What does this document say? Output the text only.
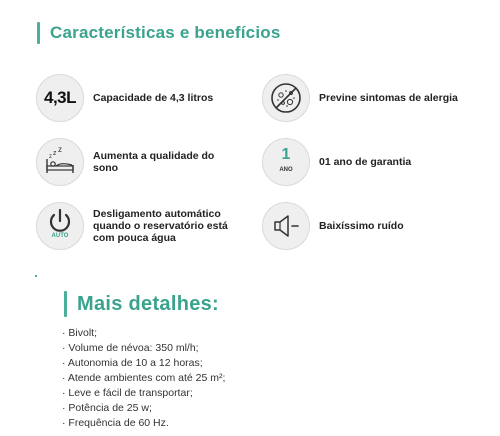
Características e benefícios
4,3L Capacidade de 4,3 litros	Previne sintomas de alergia
z z z
Aumenta a qualidade do sono
1
ANO
01 ano de garantia
AUTO
Desligamento automático quando o reservatório está com pouca água
Baixíssimo ruído
Mais detalhes:
· Bivolt;
· Volume de névoa: 350 ml/h;
· Autonomia de 10 a 12 horas;
· Atende ambientes com até 25 m²;
· Leve e fácil de transportar;
· Potência de 25 w;
· Frequência de 60 Hz.
